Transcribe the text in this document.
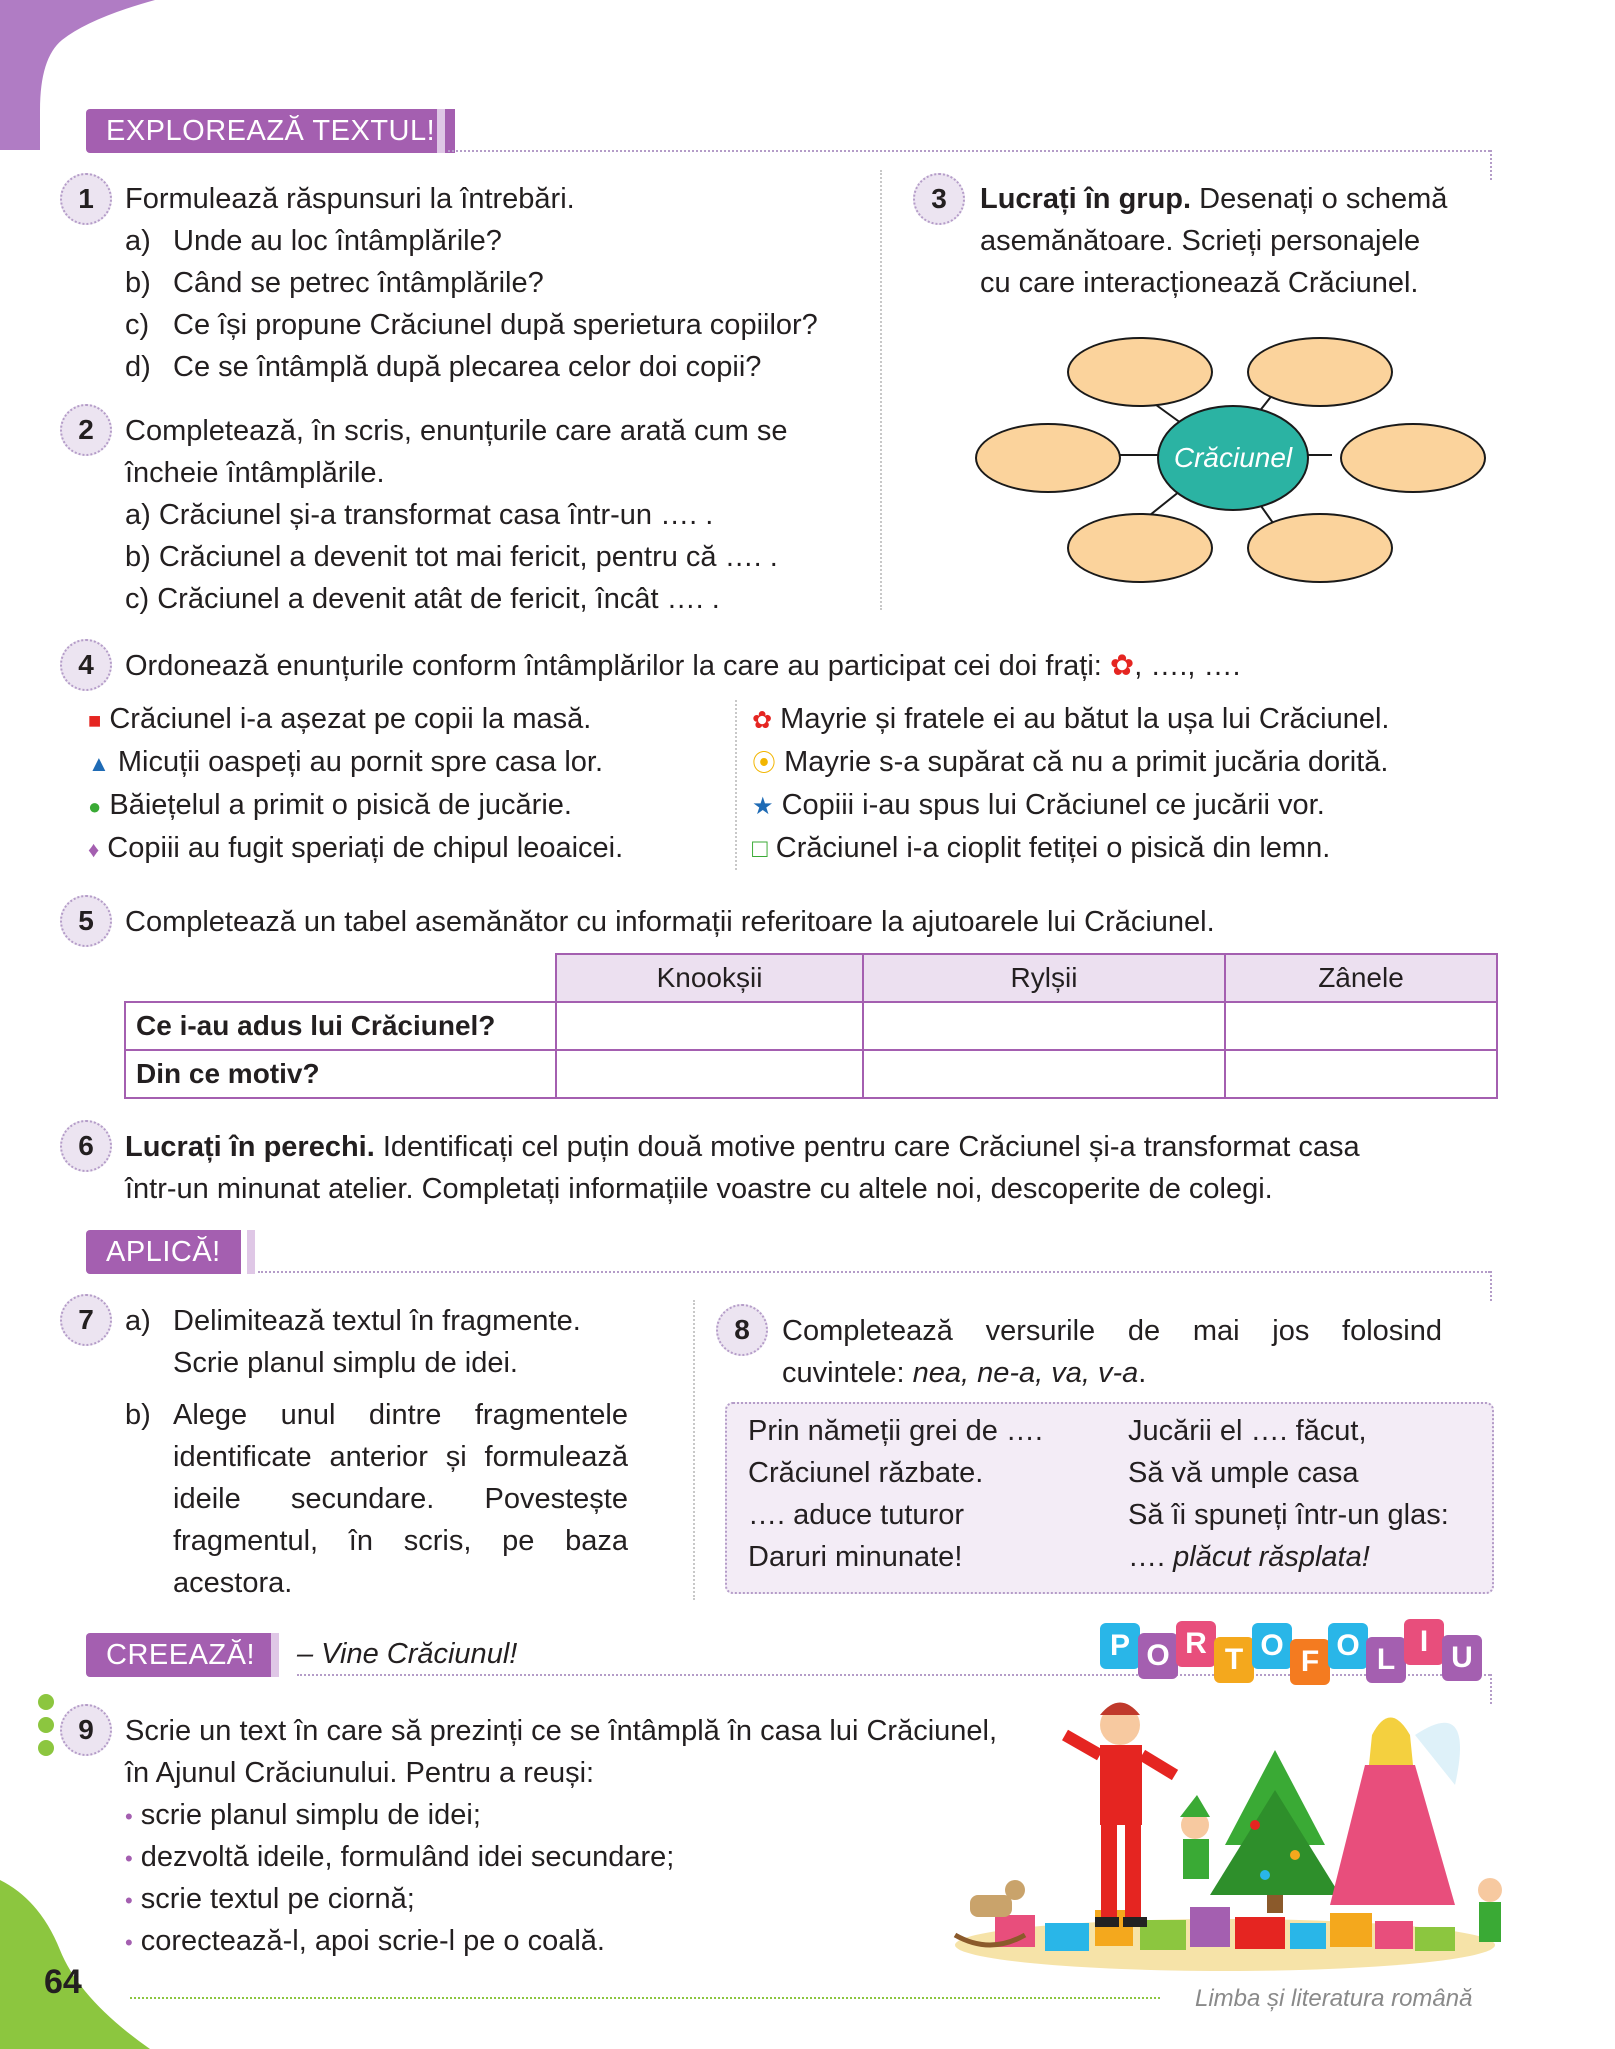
EXPLOREAZĂ TEXTUL!
1	Formulează răspunsuri la întrebări.
a) Unde au loc întâmplările?
b) Când se petrec întâmplările?
c) Ce își propune Crăciunel după sperietura copiilor?
d) Ce se întâmplă după plecarea celor doi copii?
2	Completează, în scris, enunțurile care arată cum se
încheie întâmplările.
a) Crăciunel și-a transformat casa într-un …. .
b) Crăciunel a devenit tot mai fericit, pentru că …. .
c) Crăciunel a devenit atât de fericit, încât …. .
3	Lucrați în grup. Desenați o schemă
asemănătoare. Scrieți personajele
cu care interacționează Crăciunel.
Crăciunel
4	Ordonează enunțurile conform întâmplărilor la care au participat cei doi frați: ✿, …., ….
■ Crăciunel i-a așezat pe copii la masă.
▲ Micuții oaspeți au pornit spre casa lor.
● Băiețelul a primit o pisică de jucărie.
♦ Copiii au fugit speriați de chipul leoaicei.
✿ Mayrie și fratele ei au bătut la ușa lui Crăciunel.
⦿ Mayrie s-a supărat că nu a primit jucăria dorită.
★ Copiii i-au spus lui Crăciunel ce jucării vor.
□ Crăciunel i-a cioplit fetiței o pisică din lemn.
5	Completează un tabel asemănător cu informații referitoare la ajutoarele lui Crăciunel.
	Knookșii	Rylșii	Zânele
Ce i-au adus lui Crăciunel?			
Din ce motiv?			
6	Lucrați în perechi. Identificați cel puțin două motive pentru care Crăciunel și-a transformat casa
într-un minunat atelier. Completați informațiile voastre cu altele noi, descoperite de colegi.
APLICĂ!
7	a) Delimitează textul în fragmente.
Scrie planul simplu de idei.
b) Alege unul dintre fragmentele
identificate anterior și formulează
ideile secundare. Povestește
fragmentul, în scris, pe baza
acestora.
8	Completează versurile de mai jos folosind
cuvintele: nea, ne-a, va, v-a.
Prin nămeții grei de ….
Crăciunel răzbate.
…. aduce tuturor
Daruri minunate!
Jucării el …. făcut,
Să vă umple casa
Să îi spuneți într-un glas:
…. plăcut răsplata!
CREEAZĂ!	– Vine Crăciunul!	P O R T O F O L
I U
9	Scrie un text în care să prezinți ce se întâmplă în casa lui Crăciunel,
în Ajunul Crăciunului. Pentru a reuși:
• scrie planul simplu de idei;
• dezvoltă ideile, formulând idei secundare;
• scrie textul pe ciornă;
• corectează-l, apoi scrie-l pe o coală.
64	Limba și literatura română
